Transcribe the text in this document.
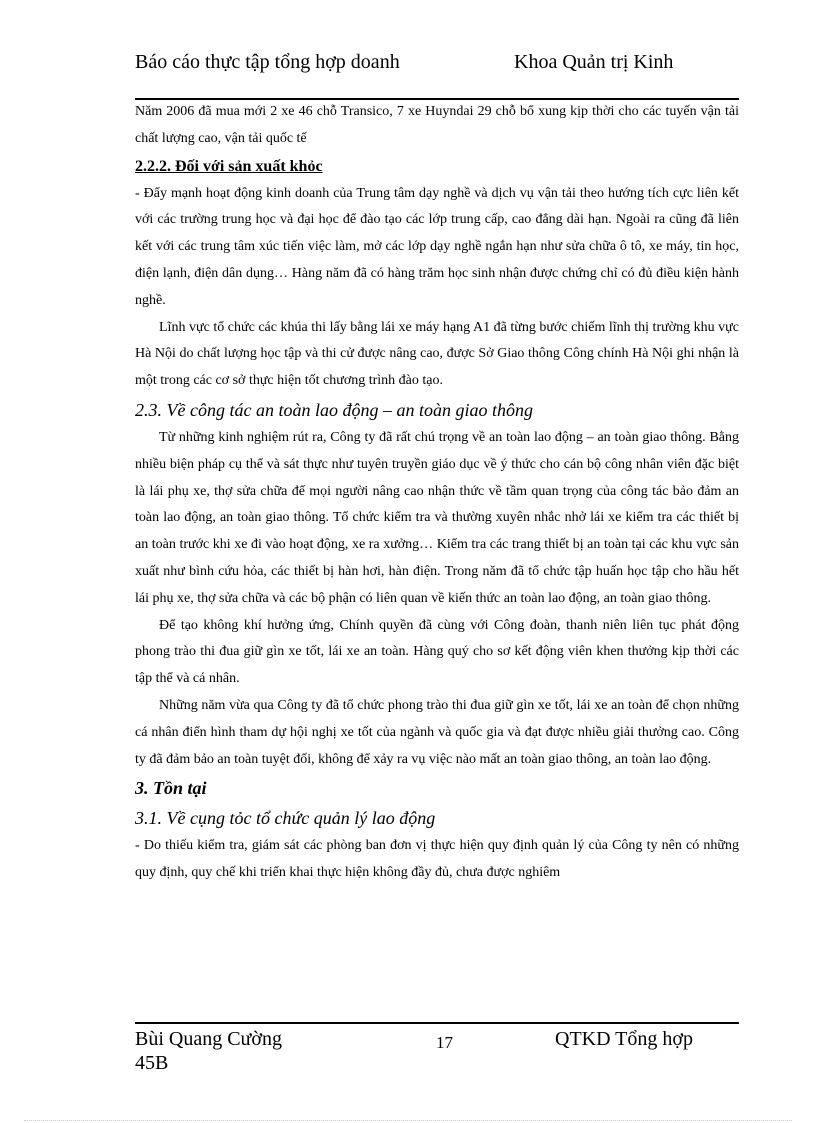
Báo cáo thực tập tổng hợp doanh	Khoa Quản trị Kinh

Năm 2006 đã mua mới 2 xe 46 chỗ Transico, 7 xe Huyndai 29 chỗ bổ xung kịp thời cho các tuyến vận tải chất lượng cao, vận tải quốc tế

2.2.2. Đối với sản xuất khỏc

- Đẩy mạnh hoạt động kinh doanh của Trung tâm dạy nghề và dịch vụ vận tải theo hướng tích cực liên kết với các trường trung học và đại học để đào tạo các lớp trung cấp, cao đẳng dài hạn. Ngoài ra cũng đã liên kết với các trung tâm xúc tiến việc làm, mở các lớp dạy nghề ngắn hạn như sửa chữa ô tô, xe máy, tin học, điện lạnh, điện dân dụng… Hàng năm đã có hàng trăm học sinh nhận được chứng chỉ có đủ điều kiện hành nghề.

Lĩnh vực tổ chức các khúa thi lấy bằng lái xe máy hạng A1 đã từng bước chiếm lĩnh thị trường khu vực Hà Nội do chất lượng học tập và thi cử được nâng cao, được Sở Giao thông Công chính Hà Nội ghi nhận là một trong các cơ sở thực hiện tốt chương trình đào tạo.

2.3. Về công tác an toàn lao động – an toàn giao thông

Từ những kinh nghiệm rút ra, Công ty đã rất chú trọng về an toàn lao động – an toàn giao thông. Bằng nhiều biện pháp cụ thể và sát thực như tuyên truyền giáo dục về ý thức cho cán bộ công nhân viên đặc biệt là lái phụ xe, thợ sửa chữa để mọi người nâng cao nhận thức về tầm quan trọng của công tác bảo đảm an toàn lao động, an toàn giao thông. Tổ chức kiểm tra và thường xuyên nhắc nhở lái xe kiểm tra các thiết bị an toàn trước khi xe đi vào hoạt động, xe ra xưởng… Kiểm tra các trang thiết bị an toàn tại các khu vực sản xuất như bình cứu hỏa, các thiết bị hàn hơi, hàn điện. Trong năm đã tổ chức tập huấn học tập cho hầu hết lái phụ xe, thợ sửa chữa và các bộ phận có liên quan về kiến thức an toàn lao động, an toàn giao thông.

Để tạo không khí hưởng ứng, Chính quyền đã cùng với Công đoàn, thanh niên liên tục phát động phong trào thi đua giữ gìn xe tốt, lái xe an toàn. Hàng quý cho sơ kết động viên khen thưởng kịp thời các tập thể và cá nhân.

Những năm vừa qua Công ty đã tổ chức phong trào thi đua giữ gìn xe tốt, lái xe an toàn để chọn những cá nhân điển hình tham dự hội nghị xe tốt của ngành và quốc gia và đạt được nhiều giải thưởng cao. Công ty đã đảm bảo an toàn tuyệt đối, không để xảy ra vụ việc nào mất an toàn giao thông, an toàn lao động.

3. Tồn tại

3.1. Về cụng tỏc tổ chức quản lý lao động

- Do thiếu kiểm tra, giám sát các phòng ban đơn vị thực hiện quy định quản lý của Công ty nên có những quy định, quy chế khi triển khai thực hiện không đầy đủ, chưa được nghiêm

Bùi Quang Cường 45B
17	QTKD Tổng hợp
